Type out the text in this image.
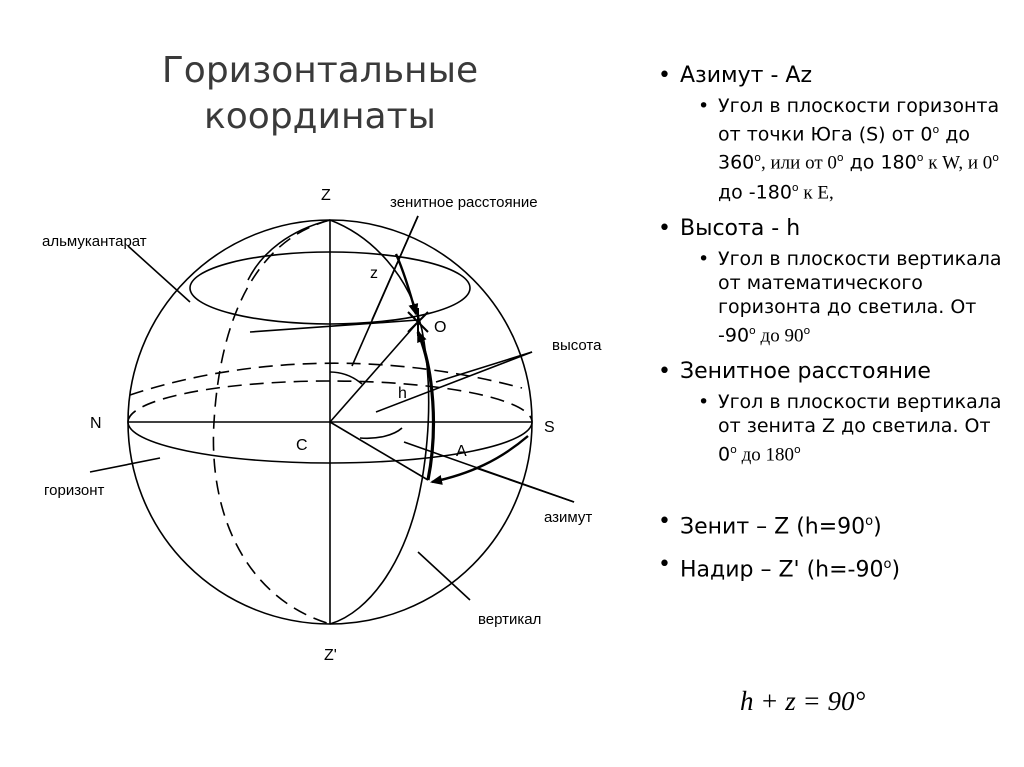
Горизонтальные
координаты
Z
Z'
N	S
C
O
z
h
A
альмукантарат
зенитное расстояние
высота
горизонт
азимут
вертикал
• Азимут - Az
• Угол в плоскости горизонта от точки Юга (S) от 0$^o$ до 360$^o$, или от 0$^o$ до 180$^o$ к W, и 0$^o$ до -180$^o$ к E,
• Высота - h
• Угол в плоскости вертикала от математического горизонта до светила. От -90$^o$ до 90$^o$
• Зенитное расстояние
• Угол в плоскости вертикала от зенита Z до светила. От 0$^o$ до 180$^o$
• Зенит – Z $(h=90^o)$
• Надир – Z' $(h=-90^o)$
h + z = 90°
